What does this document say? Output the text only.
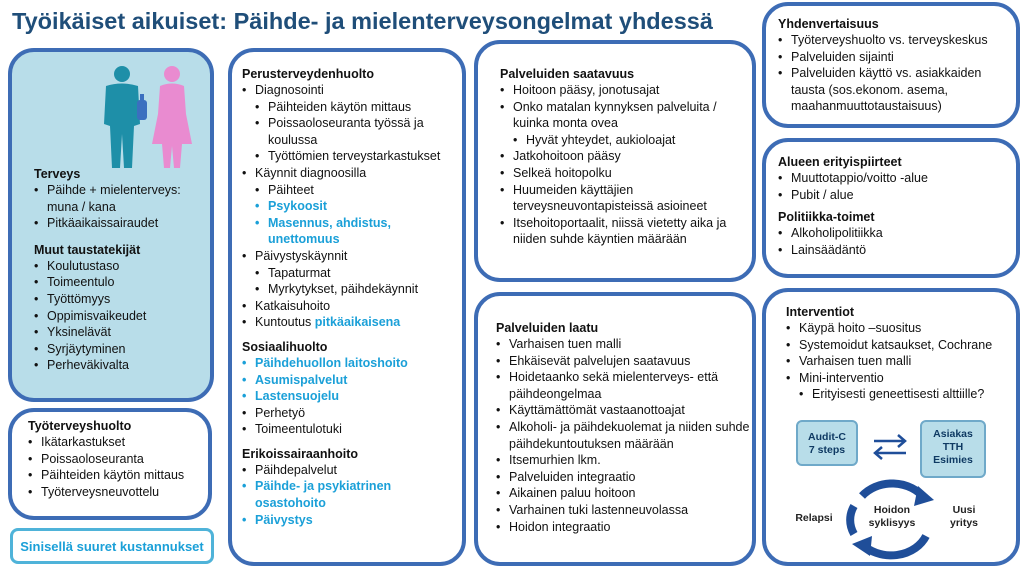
Työikäiset aikuiset: Päihde- ja mielenterveysongelmat yhdessä
Terveys
• Päihde + mielenterveys: muna / kana
• Pitkäaikaissairaudet
Muut taustatekijät
• Koulutustaso
• Toimeentulo
• Työttömyys
• Oppimisvaikeudet
• Yksinelävät
• Syrjäytyminen
• Perheväkivalta
Työterveyshuolto
• Ikätarkastukset
• Poissaoloseuranta
• Päihteiden käytön mittaus
• Työterveysneuvottelu
Sinisellä suuret kustannukset
Perusterveydenhuolto
• Diagnosointi
• Päihteiden käytön mittaus
• Poissaoloseuranta työssä ja koulussa
• Työttömien terveystarkastukset
• Käynnit diagnoosilla
• Päihteet
• Psykoosit
• Masennus, ahdistus, unettomuus
• Päivystyskäynnit
• Tapaturmat
• Myrkytykset, päihdekäynnit
• Katkaisuhoito
• Kuntoutus pitkäaikaisena
Sosiaalihuolto
• Päihdehuollon laitoshoito
• Asumispalvelut
• Lastensuojelu
• Perhetyö
• Toimeentulotuki
Erikoissairaanhoito
• Päihdepalvelut
• Päihde- ja psykiatrinen osastohoito
• Päivystys
Palveluiden saatavuus
• Hoitoon pääsy, jonotusajat
• Onko matalan kynnyksen palveluita / kuinka monta ovea
• Hyvät yhteydet, aukioloajat
• Jatkohoitoon pääsy
• Selkeä hoitopolku
• Huumeiden käyttäjien terveysneuvontapisteissä asioineet
• Itsehoitoportaalit, niissä vietetty aika ja niiden suhde käyntien määrään
Palveluiden laatu
• Varhaisen tuen malli
• Ehkäisevät palvelujen saatavuus
• Hoidetaanko sekä mielenterveys- että päihdeongelmaa
• Käyttämättömät vastaanottoajat
• Alkoholi- ja päihdekuolemat ja niiden suhde päihdekuntoutuksen määrään
• Itsemurhien lkm.
• Palveluiden integraatio
• Aikainen paluu hoitoon
• Varhainen tuki lastenneuvolassa
• Hoidon integraatio
Yhdenvertaisuus
• Työterveyshuolto vs. terveyskeskus
• Palveluiden sijainti
• Palveluiden käyttö vs. asiakkaiden tausta (sos.ekonom. asema, maahanmuuttotaustaisuus)
Alueen erityispiirteet
• Muuttotappio/voitto -alue
• Pubit / alue
Politiikka-toimet
• Alkoholipolitiikka
• Lainsäädäntö
Interventiot
• Käypä hoito –suositus
• Systemoidut katsaukset, Cochrane
• Varhaisen tuen malli
• Mini-interventio
• Erityisesti geneettisesti alttiille?
Audit-C
7 steps
Asiakas
TTH
Esimies
Hoidon
syklisyys
Relapsi
Uusi
yritys
